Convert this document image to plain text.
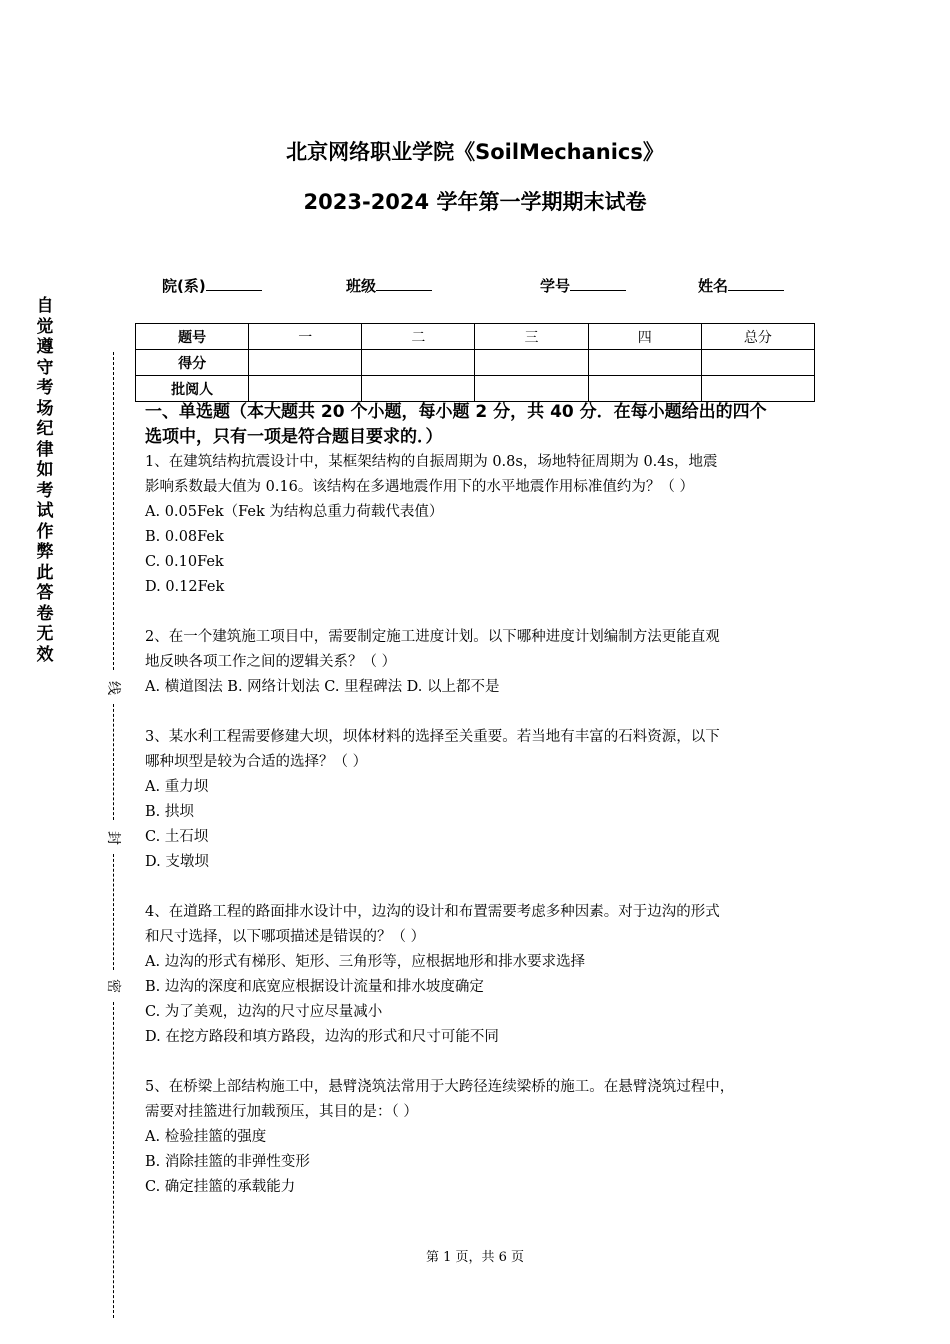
北京网络职业学院《SoilMechanics》
2023-2024 学年第一学期期末试卷
院(系)	班级	学号	姓名
题号	一	二	三	四	总分
得分					
批阅人					
自觉遵守考场纪律如考试作弊此答卷无效
线
封
密

一、单选题（本大题共 20 个小题，每小题 2 分，共 40 分．在每小题给出的四个

选项中，只有一项是符合题目要求的．）

1、在建筑结构抗震设计中，某框架结构的自振周期为 0.8s，场地特征周期为 0.4s，地震

影响系数最大值为 0.16。该结构在多遇地震作用下的水平地震作用标准值约为？（ ）

A. 0.05Fek（Fek 为结构总重力荷载代表值）

B. 0.08Fek

C. 0.10Fek

D. 0.12Fek

2、在一个建筑施工项目中，需要制定施工进度计划。以下哪种进度计划编制方法更能直观

地反映各项工作之间的逻辑关系？（ ）

A. 横道图法 B. 网络计划法 C. 里程碑法 D. 以上都不是

3、某水利工程需要修建大坝，坝体材料的选择至关重要。若当地有丰富的石料资源，以下

哪种坝型是较为合适的选择？（ ）

A. 重力坝

B. 拱坝

C. 土石坝

D. 支墩坝

4、在道路工程的路面排水设计中，边沟的设计和布置需要考虑多种因素。对于边沟的形式

和尺寸选择，以下哪项描述是错误的？（ ）

A. 边沟的形式有梯形、矩形、三角形等，应根据地形和排水要求选择

B. 边沟的深度和底宽应根据设计流量和排水坡度确定

C. 为了美观，边沟的尺寸应尽量减小

D. 在挖方路段和填方路段，边沟的形式和尺寸可能不同

5、在桥梁上部结构施工中，悬臂浇筑法常用于大跨径连续梁桥的施工。在悬臂浇筑过程中，

需要对挂篮进行加载预压，其目的是：（ ）

A. 检验挂篮的强度

B. 消除挂篮的非弹性变形

C. 确定挂篮的承载能力

第 1 页，共 6 页
